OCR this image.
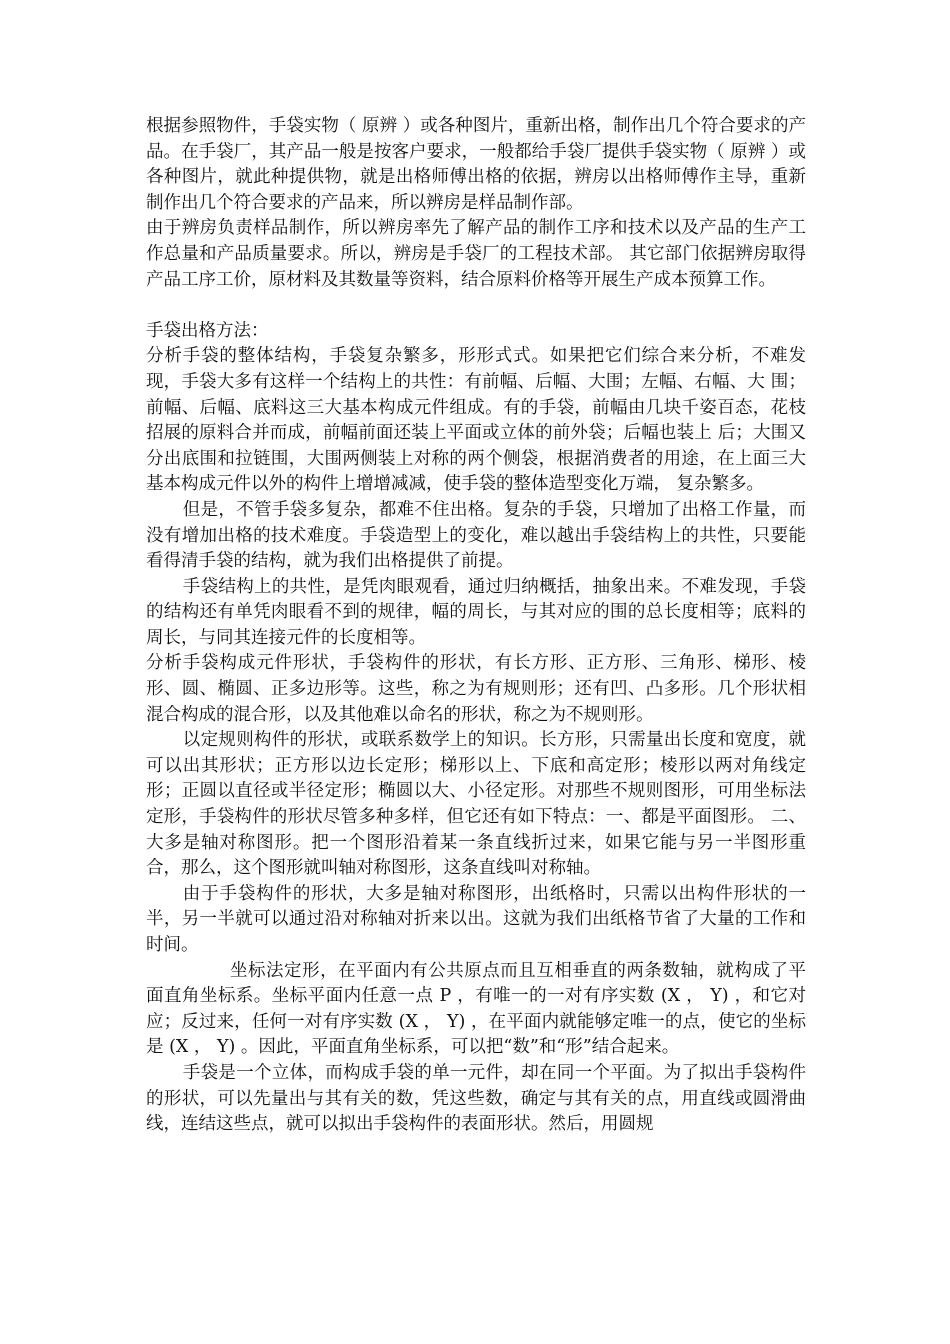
根据参照物件，手袋实物（ 原辨 ）或各种图片，重新出格，制作出几个符合要求的产品。在手袋厂，其产品一般是按客户要求，一般都给手袋厂提供手袋实物（ 原辨 ）或各种图片，就此种提供物，就是出格师傅出格的依据，辨房以出格师傅作主导，重新制作出几个符合要求的产品来，所以辨房是样品制作部。

由于辨房负责样品制作，所以辨房率先了解产品的制作工序和技术以及产品的生产工作总量和产品质量要求。所以，辨房是手袋厂的工程技术部。 其它部门依据辨房取得产品工序工价，原材料及其数量等资料，结合原料价格等开展生产成本预算工作。

手袋出格方法：

分析手袋的整体结构，手袋复杂繁多，形形式式。如果把它们综合来分析，不难发现，手袋大多有这样一个结构上的共性：有前幅、后幅、大围；左幅、右幅、大 围；前幅、后幅、底料这三大基本构成元件组成。有的手袋，前幅由几块千姿百态，花枝招展的原料合并而成，前幅前面还装上平面或立体的前外袋；后幅也装上 后；大围又分出底围和拉链围，大围两侧装上对称的两个侧袋，根据消费者的用途，在上面三大基本构成元件以外的构件上增增减减，使手袋的整体造型变化万端， 复杂繁多。

但是，不管手袋多复杂，都难不住出格。复杂的手袋，只增加了出格工作量，而没有增加出格的技术难度。手袋造型上的变化，难以越出手袋结构上的共性，只要能看得清手袋的结构，就为我们出格提供了前提。

手袋结构上的共性，是凭肉眼观看，通过归纳概括，抽象出来。不难发现，手袋的结构还有单凭肉眼看不到的规律，幅的周长，与其对应的围的总长度相等；底料的周长，与同其连接元件的长度相等。

分析手袋构成元件形状，手袋构件的形状，有长方形、正方形、三角形、梯形、棱形、圆、椭圆、正多边形等。这些，称之为有规则形；还有凹、凸多形。几个形状相混合构成的混合形，以及其他难以命名的形状，称之为不规则形。

以定规则构件的形状，或联系数学上的知识。长方形，只需量出长度和宽度，就可以出其形状；正方形以边长定形；梯形以上、下底和高定形；棱形以两对角线定 形；正圆以直径或半径定形；椭圆以大、小径定形。对那些不规则图形，可用坐标法定形，手袋构件的形状尽管多种多样，但它还有如下特点：一、都是平面图形。 二、大多是轴对称图形。把一个图形沿着某一条直线折过来，如果它能与另一半图形重合，那么，这个图形就叫轴对称图形，这条直线叫对称轴。

由于手袋构件的形状，大多是轴对称图形，出纸格时，只需以出构件形状的一半，另一半就可以通过沿对称轴对折来以出。这就为我们出纸格节省了大量的工作和时间。

坐标法定形，在平面内有公共原点而且互相垂直的两条数轴，就构成了平面直角坐标系。坐标平面内任意一点 P ，有唯一的一对有序实数 (X ， Y) ，和它对应；反过来，任何一对有序实数 (X ， Y) ，在平面内就能够定唯一的点，使它的坐标是 (X ， Y) 。因此，平面直角坐标系，可以把“数”和“形”结合起来。

手袋是一个立体，而构成手袋的单一元件，却在同一个平面。为了拟出手袋构件的形状，可以先量出与其有关的数，凭这些数，确定与其有关的点，用直线或圆滑曲 线，连结这些点，就可以拟出手袋构件的表面形状。然后，用圆规
